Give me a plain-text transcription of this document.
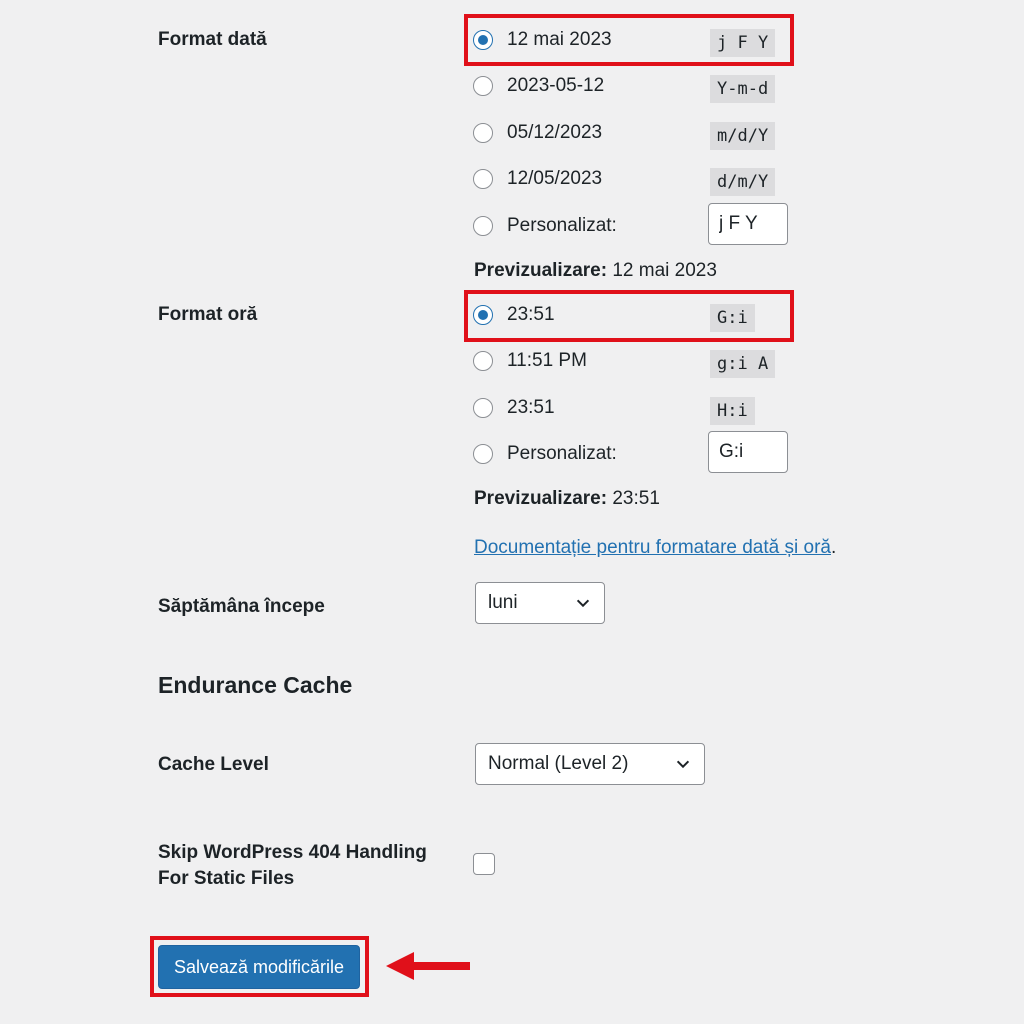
Format dată	12 mai 2023	j F Y
2023-05-12	Y-m-d
05/12/2023	m/d/Y
12/05/2023	d/m/Y
Personalizat:
j F Y
Previzualizare: 12 mai 2023
Format oră	23:51	G:i
11:51 PM	g:i A
23:51	H:i
Personalizat:
G:i
Previzualizare: 23:51
Documentație pentru formatare dată și oră.
Săptămâna începe	luni
Endurance Cache
Cache Level	Normal (Level 2)
Skip WordPress 404 Handling
For Static Files
Salvează modificările
